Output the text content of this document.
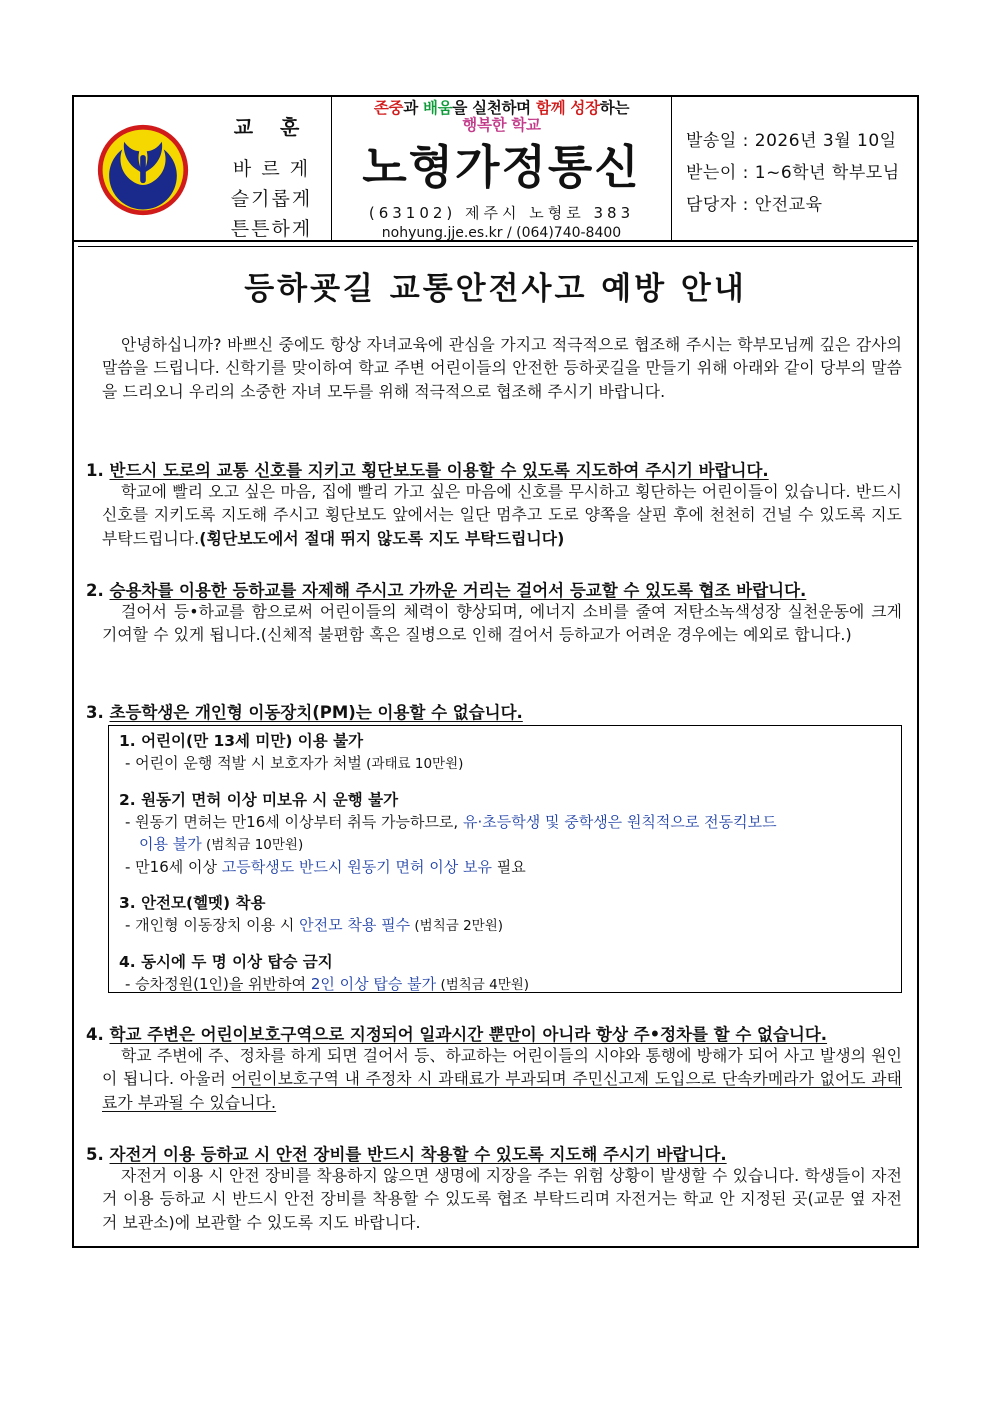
교 훈
바 르 게
슬기롭게
튼튼하게
존중과 배움을 실천하며 함께 성장하는
행복한 학교
노형가정통신
(63102) 제주시 노형로 383
nohyung.jje.es.kr / (064)740-8400
발송일 : 2026년 3월 10일
받는이 : 1~6학년 학부모님
담당자 : 안전교육
등하굣길 교통안전사고 예방 안내

안녕하십니까? 바쁘신 중에도 항상 자녀교육에 관심을 가지고 적극적으로 협조해 주시는 학부모님께 깊은 감사의 말씀을 드립니다. 신학기를 맞이하여 학교 주변 어린이들의 안전한 등하굣길을 만들기 위해 아래와 같이 당부의 말씀을 드리오니 우리의 소중한 자녀 모두를 위해 적극적으로 협조해 주시기 바랍니다.

1. 반드시 도로의 교통 신호를 지키고 횡단보도를 이용할 수 있도록 지도하여 주시기 바랍니다.

학교에 빨리 오고 싶은 마음, 집에 빨리 가고 싶은 마음에 신호를 무시하고 횡단하는 어린이들이 있습니다. 반드시 신호를 지키도록 지도해 주시고 횡단보도 앞에서는 일단 멈추고 도로 양쪽을 살핀 후에 천천히 건널 수 있도록 지도 부탁드립니다.(횡단보도에서 절대 뛰지 않도록 지도 부탁드립니다)

2. 승용차를 이용한 등하교를 자제해 주시고 가까운 거리는 걸어서 등교할 수 있도록 협조 바랍니다.

걸어서 등•하교를 함으로써 어린이들의 체력이 향상되며, 에너지 소비를 줄여 저탄소녹색성장 실천운동에 크게 기여할 수 있게 됩니다.(신체적 불편함 혹은 질병으로 인해 걸어서 등하교가 어려운 경우에는 예외로 합니다.)

3. 초등학생은 개인형 이동장치(PM)는 이용할 수 없습니다.
1. 어린이(만 13세 미만) 이용 불가
- 어린이 운행 적발 시 보호자가 처벌 (과태료 10만원)
2. 원동기 면허 이상 미보유 시 운행 불가
- 원동기 면허는 만16세 이상부터 취득 가능하므로, 유·초등학생 및 중학생은 원칙적으로 전동킥보드
이용 불가 (범칙금 10만원)
- 만16세 이상 고등학생도 반드시 원동기 면허 이상 보유 필요
3. 안전모(헬멧) 착용
- 개인형 이동장치 이용 시 안전모 착용 필수 (범칙금 2만원)
4. 동시에 두 명 이상 탑승 금지
- 승차정원(1인)을 위반하여 2인 이상 탑승 불가 (범칙금 4만원)
4. 학교 주변은 어린이보호구역으로 지정되어 일과시간 뿐만이 아니라 항상 주•정차를 할 수 없습니다.

학교 주변에 주、정차를 하게 되면 걸어서 등、하교하는 어린이들의 시야와 통행에 방해가 되어 사고 발생의 원인이 됩니다. 아울러 어린이보호구역 내 주정차 시 과태료가 부과되며 주민신고제 도입으로 단속카메라가 없어도 과태료가 부과될 수 있습니다.

5. 자전거 이용 등하교 시 안전 장비를 반드시 착용할 수 있도록 지도해 주시기 바랍니다.

자전거 이용 시 안전 장비를 착용하지 않으면 생명에 지장을 주는 위험 상황이 발생할 수 있습니다. 학생들이 자전거 이용 등하교 시 반드시 안전 장비를 착용할 수 있도록 협조 부탁드리며 자전거는 학교 안 지정된 곳(교문 옆 자전거 보관소)에 보관할 수 있도록 지도 바랍니다.
